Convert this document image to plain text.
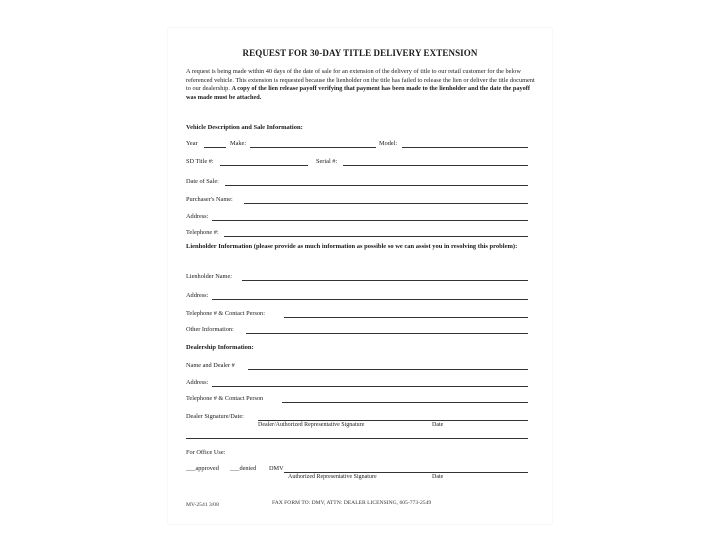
REQUEST FOR 30-DAY TITLE DELIVERY EXTENSION
A request is being made within 40 days of the date of sale for an extension of the delivery of title to our retail customer for the below referenced vehicle. This extension is requested because the lienholder on the title has failed to release the lien or deliver the title document to our dealership. A copy of the lien release payoff verifying that payment has been made to the lienholder and the date the payoff was made must be attached.
Vehicle Description and Sale Information:
Year	Make:	Model:
SD Title #:	Serial #:
Date of Sale:
Purchaser's Name:
Address:
Telephone #:
Lienholder Information (please provide as much information as possible so we can assist you in resolving this problem):
Lienholder Name:
Address:
Telephone # & Contact Person:
Other Information:
Dealership Information:
Name and Dealer #
Address:
Telephone # & Contact Person
Dealer Signature/Date:
Dealer/Authorized Representative Signature	Date
For Office Use:
___approved ___denied DMV
Authorized Representative Signature	Date
MV-2541 3/08	FAX FORM TO: DMV, ATTN: DEALER LICENSING, 605-773-2549
